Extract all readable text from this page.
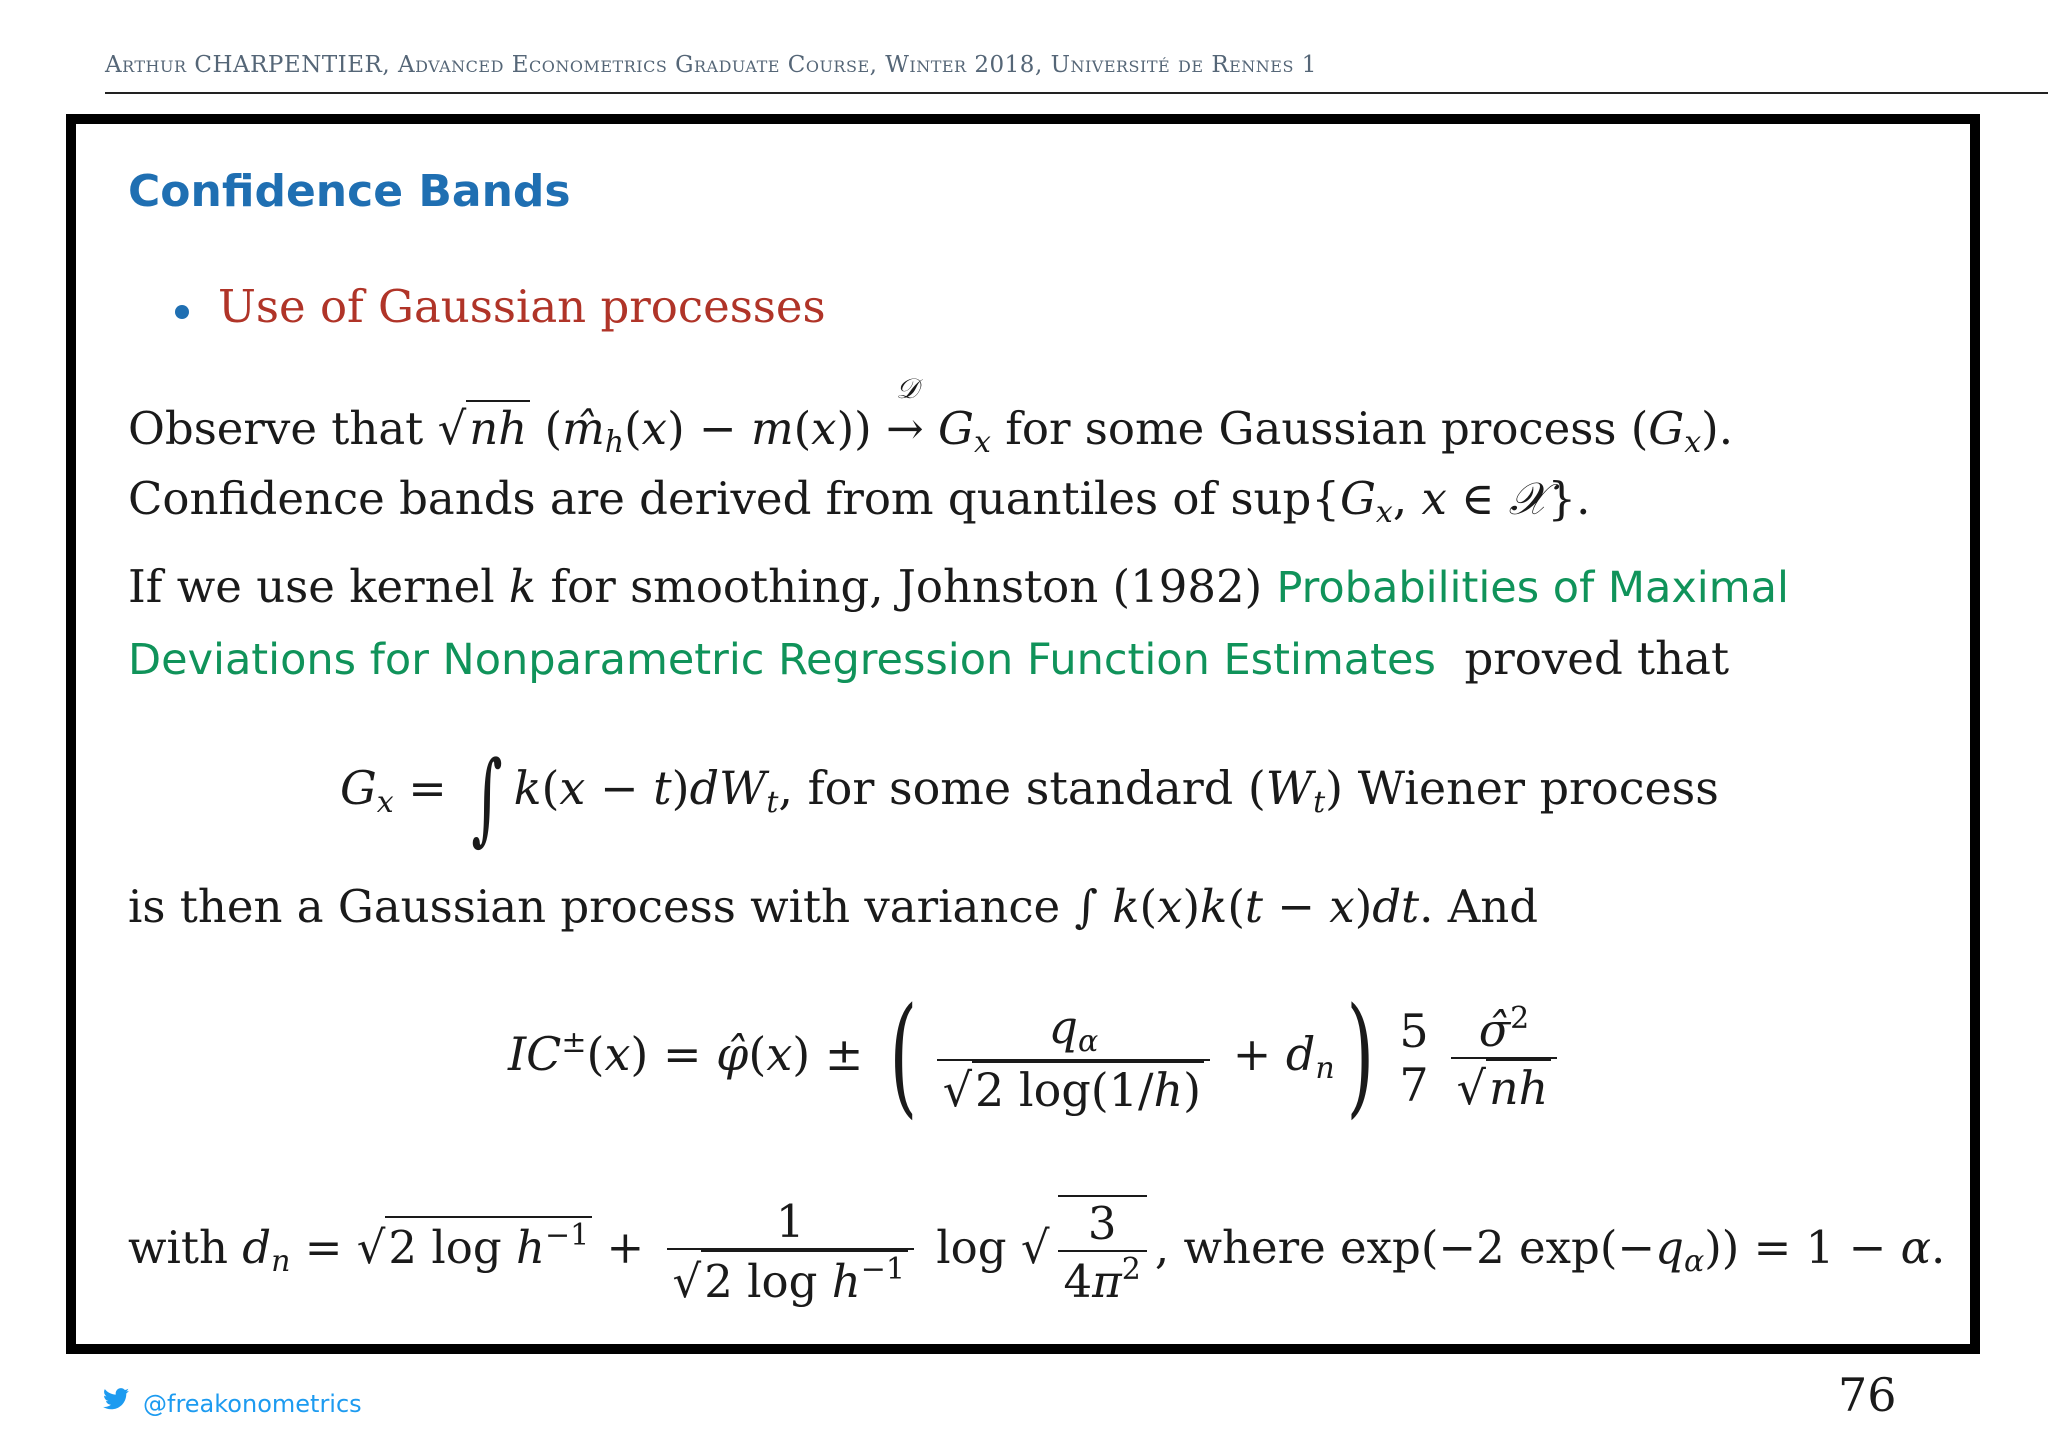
Arthur CHARPENTIER, Advanced Econometrics Graduate Course, Winter 2018, Université de Rennes 1
Confidence Bands
Use of Gaussian processes
Observe that √nh $(m̂_h(x) - m(x))$
𝒟
→ $G_x$ for some Gaussian process $(G_x)$.
Confidence bands are derived from quantiles of $sup\{G_x$, x ∈ 𝒳}.
If we use kernel k for smoothing, Johnston (1982) Probabilities of Maximal
Deviations for Nonparametric Regression Function Estimates  proved that
$G_x$ = ∫ $k(x - t)dW_t$, for some standard $(W_t)$ Wiener process
is then a Gaussian process with variance ∫ k(x)k(t − x)dt. And
IC±(x) = φ̂(x) ± ( $\frac{q_\alpha}{√2 \log(1/h)} + d_n$) 5
$7 \frac{\sigmâ^2}{√nh}$
with $d_n = √2$ $\log h^{-1} + \frac{1}{√2 \log h^{-1}}$ log √ $\frac{3}{4\pi^2}$ , where exp(−2 $\exp(-q_\alpha)) = 1 - \alpha$.
@freakonometrics	76
